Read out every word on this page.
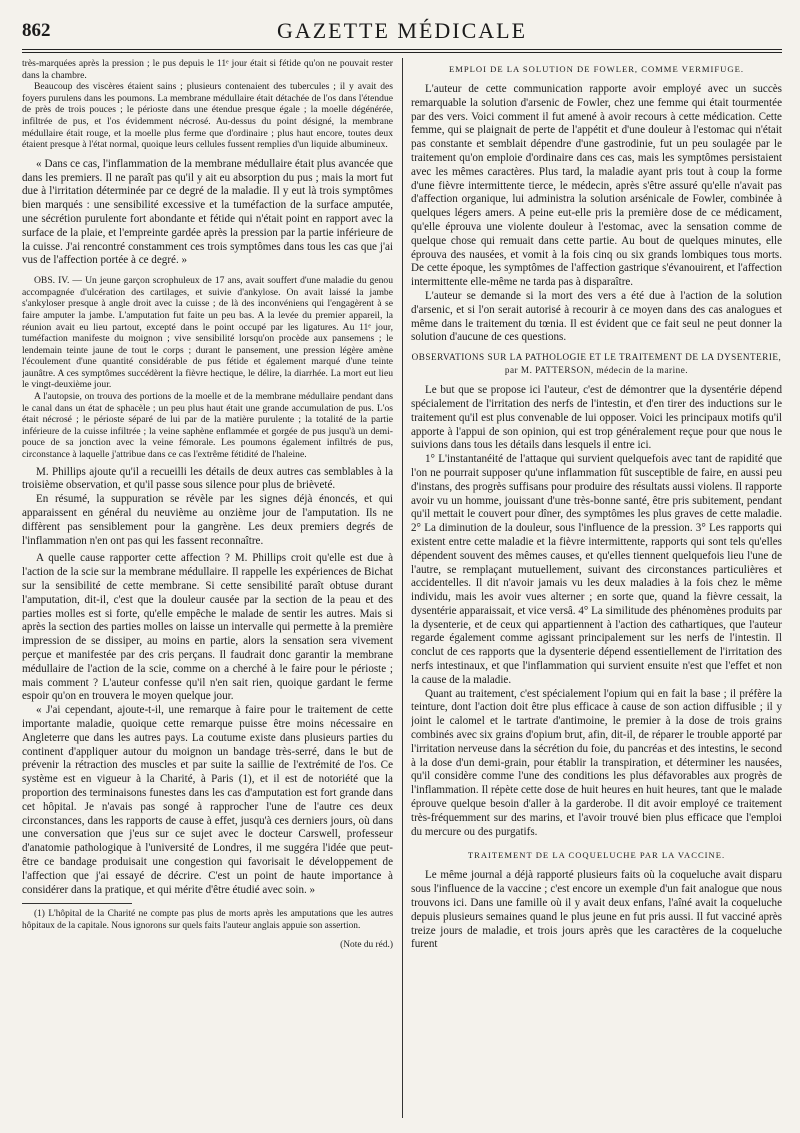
862	GAZETTE MÉDICALE

très-marquées après la pression ; le pus depuis le 11ᵉ jour était si fétide qu'on ne pouvait rester dans la chambre.

Beaucoup des viscères étaient sains ; plusieurs contenaient des tubercules ; il y avait des foyers purulens dans les poumons. La membrane médullaire était détachée de l'os dans l'étendue de près de trois pouces ; le périoste dans une étendue presque égale ; la moelle dégénérée, infiltrée de pus, et l'os évidemment nécrosé. Au-dessus du point désigné, la membrane médullaire était rouge, et la moelle plus ferme que d'ordinaire ; plus haut encore, toutes deux étaient presque à l'état normal, quoique leurs cellules fussent remplies d'un liquide albumineux.

« Dans ce cas, l'inflammation de la membrane médullaire était plus avancée que dans les premiers. Il ne paraît pas qu'il y ait eu absorption du pus ; mais la mort fut due à l'irritation déterminée par ce degré de la maladie. Il y eut là trois symptômes bien marqués : une sensibilité excessive et la tuméfaction de la surface amputée, une sécrétion purulente fort abondante et fétide qui n'était point en rapport avec la surface de la plaie, et l'empreinte gardée après la pression par la partie inférieure de la cuisse. J'ai rencontré constamment ces trois symptômes dans tous les cas que j'ai vus de l'affection portée à ce degré. »

OBS. IV. — Un jeune garçon scrophuleux de 17 ans, avait souffert d'une maladie du genou accompagnée d'ulcération des cartilages, et suivie d'ankylose. On avait laissé la jambe s'ankyloser presque à angle droit avec la cuisse ; de là des inconvéniens qui l'engagèrent à se faire amputer la jambe. L'amputation fut faite un peu bas. A la levée du premier appareil, la réunion avait eu lieu partout, excepté dans le point occupé par les ligatures. Au 11ᵉ jour, tuméfaction manifeste du moignon ; vive sensibilité lorsqu'on procède aux pansemens ; le lendemain teinte jaune de tout le corps ; durant le pansement, une pression légère amène l'écoulement d'une quantité considérable de pus fétide et également marqué d'une teinte jaunâtre. A ces symptômes succédèrent la fièvre hectique, le délire, la diarrhée. La mort eut lieu le vingt-deuxième jour.

A l'autopsie, on trouva des portions de la moelle et de la membrane médullaire pendant dans le canal dans un état de sphacèle ; un peu plus haut était une grande accumulation de pus. L'os était nécrosé ; le périoste séparé de lui par de la matière purulente ; la totalité de la partie inférieure de la cuisse infiltrée ; la veine saphène enflammée et gorgée de pus jusqu'à un demi-pouce de sa jonction avec la veine fémorale. Les poumons également infiltrés de pus, circonstance à laquelle j'attribue dans ce cas l'extrême fétidité de l'haleine.

M. Phillips ajoute qu'il a recueilli les détails de deux autres cas semblables à la troisième observation, et qu'il passe sous silence pour plus de brièveté.

En résumé, la suppuration se révèle par les signes déjà énoncés, et qui apparaissent en général du neuvième au onzième jour de l'amputation. Ils ne diffèrent pas sensiblement pour la gangrène. Les deux premiers degrés de l'inflammation n'en ont pas qui les fassent reconnaître.

A quelle cause rapporter cette affection ? M. Phillips croit qu'elle est due à l'action de la scie sur la membrane médullaire. Il rappelle les expériences de Bichat sur la sensibilité de cette membrane. Si cette sensibilité paraît obtuse durant l'amputation, dit-il, c'est que la douleur causée par la section de la peau et des parties molles est si forte, qu'elle empêche le malade de sentir les autres. Mais si après la section des parties molles on laisse un intervalle qui permette à la première impression de se dissiper, au moins en partie, alors la sensation sera vivement perçue et manifestée par des cris perçans. Il faudrait donc garantir la membrane médullaire de l'action de la scie, comme on a cherché à le faire pour le périoste ; mais comment ? L'auteur confesse qu'il n'en sait rien, quoique gardant le ferme espoir qu'on en trouvera le moyen quelque jour.

« J'ai cependant, ajoute-t-il, une remarque à faire pour le traitement de cette importante maladie, quoique cette remarque puisse être moins nécessaire en Angleterre que dans les autres pays. La coutume existe dans plusieurs parties du continent d'appliquer autour du moignon un bandage très-serré, dans le but de prévenir la rétraction des muscles et par suite la saillie de l'extrémité de l'os. Ce système est en vigueur à la Charité, à Paris (1), et il est de notoriété que la proportion des terminaisons funestes dans les cas d'amputation est fort grande dans cet hôpital. Je n'avais pas songé à rapprocher l'une de l'autre ces deux circonstances, dans les rapports de cause à effet, jusqu'à ces derniers jours, où dans une conversation que j'eus sur ce sujet avec le docteur Carswell, professeur d'anatomie pathologique à l'université de Londres, il me suggéra l'idée que peut-être ce bandage produisait une congestion qui favorisait le développement de l'affection que j'ai essayé de décrire. C'est un point de haute importance à considérer dans la pratique, et qui mérite d'être étudié avec soin. »

(1) L'hôpital de la Charité ne compte pas plus de morts après les amputations que les autres hôpitaux de la capitale. Nous ignorons sur quels faits l'auteur anglais appuie son assertion.

(Note du réd.)

EMPLOI DE LA SOLUTION DE FOWLER, COMME VERMIFUGE.

L'auteur de cette communication rapporte avoir employé avec un succès remarquable la solution d'arsenic de Fowler, chez une femme qui était tourmentée par des vers. Voici comment il fut amené à avoir recours à cette médication. Cette femme, qui se plaignait de perte de l'appétit et d'une douleur à l'estomac qui n'était pas constante et semblait dépendre d'une gastrodinie, fut un peu soulagée par le traitement qu'on emploie d'ordinaire dans ces cas, mais les symptômes persistaient avec les mêmes caractères. Plus tard, la maladie ayant pris tout à coup la forme d'une fièvre intermittente tierce, le médecin, après s'être assuré qu'elle n'avait pas d'affection organique, lui administra la solution arsénicale de Fowler, combinée à quelques légers amers. A peine eut-elle pris la première dose de ce médicament, qu'elle éprouva une violente douleur à l'estomac, avec la sensation comme de quelque chose qui remuait dans cette partie. Au bout de quelques minutes, elle éprouva des nausées, et vomit à la fois cinq ou six grands lombiques tous morts. De cette époque, les symptômes de l'affection gastrique s'évanouirent, et l'affection intermittente elle-même ne tarda pas à disparaître.

L'auteur se demande si la mort des vers a été due à l'action de la solution d'arsenic, et si l'on serait autorisé à recourir à ce moyen dans des cas analogues et même dans le traitement du tœnia. Il est évident que ce fait seul ne peut donner la solution d'aucune de ces questions.

OBSERVATIONS SUR LA PATHOLOGIE ET LE TRAITEMENT DE LA DYSENTERIE, par M. PATTERSON, médecin de la marine.

Le but que se propose ici l'auteur, c'est de démontrer que la dysentérie dépend spécialement de l'irritation des nerfs de l'intestin, et d'en tirer des inductions sur le traitement qu'il est plus convenable de lui opposer. Voici les principaux motifs qu'il apporte à l'appui de son opinion, qui est trop généralement reçue pour que nous le suivions dans tous les détails dans lesquels il entre ici.

1° L'instantanéité de l'attaque qui survient quelquefois avec tant de rapidité que l'on ne pourrait supposer qu'une inflammation fût susceptible de faire, en aussi peu d'instans, des progrès suffisans pour produire des résultats aussi violens. Il rapporte avoir vu un homme, jouissant d'une très-bonne santé, être pris subitement, pendant qu'il mettait le couvert pour dîner, des symptômes les plus graves de cette maladie. 2° La diminution de la douleur, sous l'influence de la pression. 3° Les rapports qui existent entre cette maladie et la fièvre intermittente, rapports qui sont tels qu'elles dépendent souvent des mêmes causes, et qu'elles tiennent quelquefois lieu l'une de l'autre, se remplaçant mutuellement, suivant des circonstances particulières et accidentelles. Il dit n'avoir jamais vu les deux maladies à la fois chez le même individu, mais les avoir vues alterner ; en sorte que, quand la fièvre cessait, la dysentérie apparaissait, et vice versâ. 4° La similitude des phénomènes produits par la dysenterie, et de ceux qui appartiennent à l'action des cathartiques, que l'auteur regarde également comme agissant principalement sur les nerfs de l'intestin. Il conclut de ces rapports que la dysenterie dépend essentiellement de l'irritation des nerfs intestinaux, et que l'inflammation qui survient ensuite n'est que l'effet et non la cause de la maladie.

Quant au traitement, c'est spécialement l'opium qui en fait la base ; il préfère la teinture, dont l'action doit être plus efficace à cause de son action diffusible ; il y joint le calomel et le tartrate d'antimoine, le premier à la dose de trois grains combinés avec six grains d'opium brut, afin, dit-il, de réparer le trouble apporté par l'irritation nerveuse dans la sécrétion du foie, du pancréas et des intestins, le second à la dose d'un demi-grain, pour établir la transpiration, et déterminer les nausées, qu'il considère comme l'une des conditions les plus défavorables aux progrès de l'inflammation. Il répète cette dose de huit heures en huit heures, tant que le malade éprouve quelque besoin d'aller à la garderobe. Il dit avoir employé ce traitement très-fréquemment sur des marins, et l'avoir trouvé bien plus efficace que l'emploi du mercure ou des purgatifs.

TRAITEMENT DE LA COQUELUCHE PAR LA VACCINE.

Le même journal a déjà rapporté plusieurs faits où la coqueluche avait disparu sous l'influence de la vaccine ; c'est encore un exemple d'un fait analogue que nous trouvons ici. Dans une famille où il y avait deux enfans, l'aîné avait la coqueluche depuis plusieurs semaines quand le plus jeune en fut pris aussi. Il fut vacciné après treize jours de maladie, et trois jours après que les caractères de la coqueluche furent
